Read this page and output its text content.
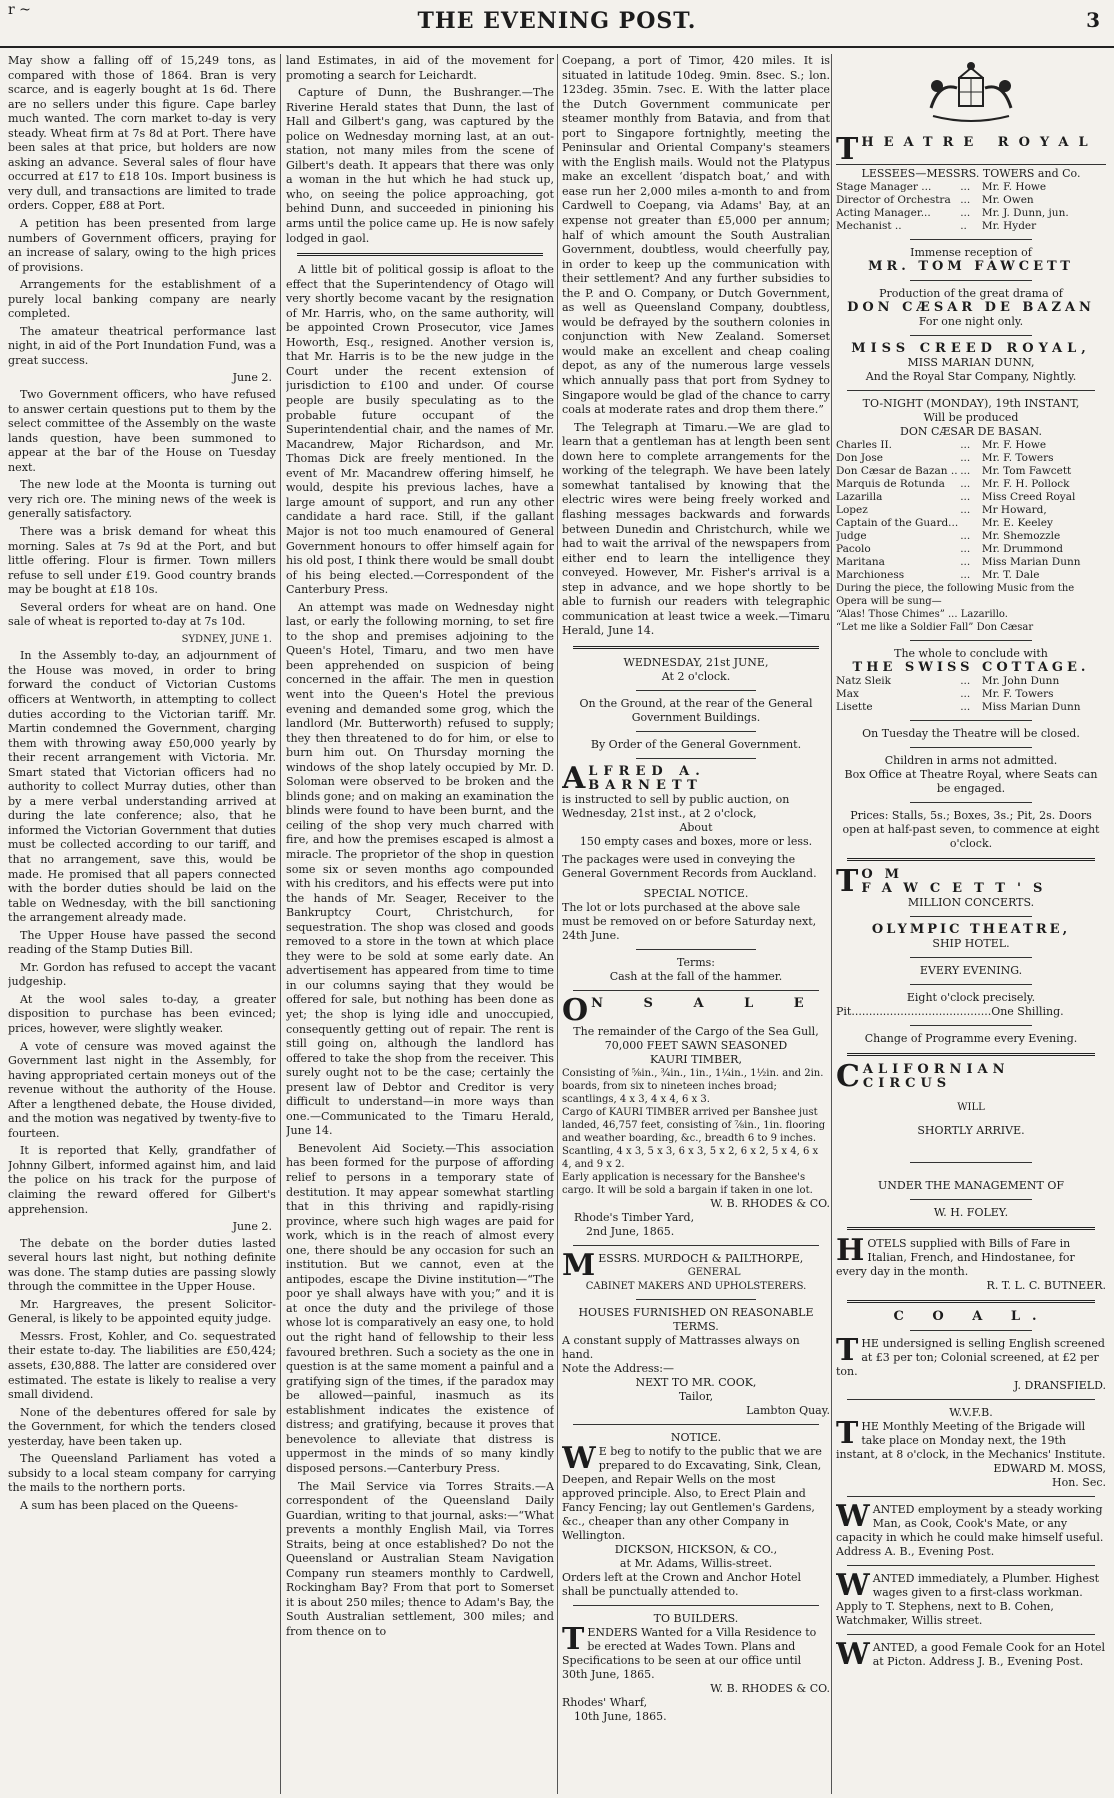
r ~	THE EVENING POST.	3

May show a falling off of 15,249 tons, as compared with those of 1864. Bran is very scarce, and is eagerly bought at 1s 6d. There are no sellers under this figure. Cape barley much wanted. The corn market to-day is very steady. Wheat firm at 7s 8d at Port. There have been sales at that price, but holders are now asking an advance. Several sales of flour have occurred at £17 to £18 10s. Import business is very dull, and transactions are limited to trade orders. Copper, £88 at Port.

A petition has been presented from large numbers of Government officers, praying for an increase of salary, owing to the high prices of provisions.

Arrangements for the establishment of a purely local banking company are nearly completed.

The amateur theatrical performance last night, in aid of the Port Inundation Fund, was a great success.

June 2.

Two Government officers, who have refused to answer certain questions put to them by the select committee of the Assembly on the waste lands question, have been summoned to appear at the bar of the House on Tuesday next.

The new lode at the Moonta is turning out very rich ore. The mining news of the week is generally satisfactory.

There was a brisk demand for wheat this morning. Sales at 7s 9d at the Port, and but little offering. Flour is firmer. Town millers refuse to sell under £19. Good country brands may be bought at £18 10s.

Several orders for wheat are on hand. One sale of wheat is reported to-day at 7s 10d.

SYDNEY, JUNE 1.

In the Assembly to-day, an adjournment of the House was moved, in order to bring forward the conduct of Victorian Customs officers at Wentworth, in attempting to collect duties according to the Victorian tariff. Mr. Martin condemned the Government, charging them with throwing away £50,000 yearly by their recent arrangement with Victoria. Mr. Smart stated that Victorian officers had no authority to collect Murray duties, other than by a mere verbal understanding arrived at during the late conference; also, that he informed the Victorian Government that duties must be collected according to our tariff, and that no arrangement, save this, would be made. He promised that all papers connected with the border duties should be laid on the table on Wednesday, with the bill sanctioning the arrangement already made.

The Upper House have passed the second reading of the Stamp Duties Bill.

Mr. Gordon has refused to accept the vacant judgeship.

At the wool sales to-day, a greater disposition to purchase has been evinced; prices, however, were slightly weaker.

A vote of censure was moved against the Government last night in the Assembly, for having appropriated certain moneys out of the revenue without the authority of the House. After a lengthened debate, the House divided, and the motion was negatived by twenty-five to fourteen.

It is reported that Kelly, grandfather of Johnny Gilbert, informed against him, and laid the police on his track for the purpose of claiming the reward offered for Gilbert's apprehension.

June 2.

The debate on the border duties lasted several hours last night, but nothing definite was done. The stamp duties are passing slowly through the committee in the Upper House.

Mr. Hargreaves, the present Solicitor-General, is likely to be appointed equity judge.

Messrs. Frost, Kohler, and Co. sequestrated their estate to-day. The liabilities are £50,424; assets, £30,888. The latter are considered over estimated. The estate is likely to realise a very small dividend.

None of the debentures offered for sale by the Government, for which the tenders closed yesterday, have been taken up.

The Queensland Parliament has voted a subsidy to a local steam company for carrying the mails to the northern ports.

A sum has been placed on the Queens-

land Estimates, in aid of the movement for promoting a search for Leichardt.

Capture of Dunn, the Bushranger.—The Riverine Herald states that Dunn, the last of Hall and Gilbert's gang, was captured by the police on Wednesday morning last, at an out-station, not many miles from the scene of Gilbert's death. It appears that there was only a woman in the hut which he had stuck up, who, on seeing the police approaching, got behind Dunn, and succeeded in pinioning his arms until the police came up. He is now safely lodged in gaol.

A little bit of political gossip is afloat to the effect that the Superintendency of Otago will very shortly become vacant by the resignation of Mr. Harris, who, on the same authority, will be appointed Crown Prosecutor, vice James Howorth, Esq., resigned. Another version is, that Mr. Harris is to be the new judge in the Court under the recent extension of jurisdiction to £100 and under. Of course people are busily speculating as to the probable future occupant of the Superintendential chair, and the names of Mr. Macandrew, Major Richardson, and Mr. Thomas Dick are freely mentioned. In the event of Mr. Macandrew offering himself, he would, despite his previous laches, have a large amount of support, and run any other candidate a hard race. Still, if the gallant Major is not too much enamoured of General Government honours to offer himself again for his old post, I think there would be small doubt of his being elected.—Correspondent of the Canterbury Press.

An attempt was made on Wednesday night last, or early the following morning, to set fire to the shop and premises adjoining to the Queen's Hotel, Timaru, and two men have been apprehended on suspicion of being concerned in the affair. The men in question went into the Queen's Hotel the previous evening and demanded some grog, which the landlord (Mr. Butterworth) refused to supply; they then threatened to do for him, or else to burn him out. On Thursday morning the windows of the shop lately occupied by Mr. D. Soloman were observed to be broken and the blinds gone; and on making an examination the blinds were found to have been burnt, and the ceiling of the shop very much charred with fire, and how the premises escaped is almost a miracle. The proprietor of the shop in question some six or seven months ago compounded with his creditors, and his effects were put into the hands of Mr. Seager, Receiver to the Bankruptcy Court, Christchurch, for sequestration. The shop was closed and goods removed to a store in the town at which place they were to be sold at some early date. An advertisement has appeared from time to time in our columns saying that they would be offered for sale, but nothing has been done as yet; the shop is lying idle and unoccupied, consequently getting out of repair. The rent is still going on, although the landlord has offered to take the shop from the receiver. This surely ought not to be the case; certainly the present law of Debtor and Creditor is very difficult to understand—in more ways than one.—Communicated to the Timaru Herald, June 14.

Benevolent Aid Society.—This association has been formed for the purpose of affording relief to persons in a temporary state of destitution. It may appear somewhat startling that in this thriving and rapidly-rising province, where such high wages are paid for work, which is in the reach of almost every one, there should be any occasion for such an institution. But we cannot, even at the antipodes, escape the Divine institution—“The poor ye shall always have with you;” and it is at once the duty and the privilege of those whose lot is comparatively an easy one, to hold out the right hand of fellowship to their less favoured brethren. Such a society as the one in question is at the same moment a painful and a gratifying sign of the times, if the paradox may be allowed—painful, inasmuch as its establishment indicates the existence of distress; and gratifying, because it proves that benevolence to alleviate that distress is uppermost in the minds of so many kindly disposed persons.—Canterbury Press.

The Mail Service via Torres Straits.—A correspondent of the Queensland Daily Guardian, writing to that journal, asks:—“What prevents a monthly English Mail, via Torres Straits, being at once established? Do not the Queensland or Australian Steam Navigation Company run steamers monthly to Cardwell, Rockingham Bay? From that port to Somerset it is about 250 miles; thence to Adam's Bay, the South Australian settlement, 300 miles; and from thence on to

Coepang, a port of Timor, 420 miles. It is situated in latitude 10deg. 9min. 8sec. S.; lon. 123deg. 35min. 7sec. E. With the latter place the Dutch Government communicate per steamer monthly from Batavia, and from that port to Singapore fortnightly, meeting the Peninsular and Oriental Company's steamers with the English mails. Would not the Platypus make an excellent ‘dispatch boat,’ and with ease run her 2,000 miles a-month to and from Cardwell to Coepang, via Adams' Bay, at an expense not greater than £5,000 per annum; half of which amount the South Australian Government, doubtless, would cheerfully pay, in order to keep up the communication with their settlement? And any further subsidies to the P. and O. Company, or Dutch Government, as well as Queensland Company, doubtless, would be defrayed by the southern colonies in conjunction with New Zealand. Somerset would make an excellent and cheap coaling depot, as any of the numerous large vessels which annually pass that port from Sydney to Singapore would be glad of the chance to carry coals at moderate rates and drop them there.”

The Telegraph at Timaru.—We are glad to learn that a gentleman has at length been sent down here to complete arrangements for the working of the telegraph. We have been lately somewhat tantalised by knowing that the electric wires were being freely worked and flashing messages backwards and forwards between Dunedin and Christchurch, while we had to wait the arrival of the newspapers from either end to learn the intelligence they conveyed. However, Mr. Fisher's arrival is a step in advance, and we hope shortly to be able to furnish our readers with telegraphic communication at least twice a week.—Timaru Herald, June 14.

WEDNESDAY, 21st JUNE,
At 2 o'clock.
On the Ground, at the rear of the General Government Buildings.
By Order of the General Government.
ALFRED A. BARNETT
is instructed to sell by public auction, on Wednesday, 21st inst., at 2 o'clock,
About
150 empty cases and boxes, more or less.
The packages were used in conveying the General Government Records from Auckland.
SPECIAL NOTICE.
The lot or lots purchased at the above sale must be removed on or before Saturday next, 24th June.
Terms:
Cash at the fall of the hammer.
O N S A L E
The remainder of the Cargo of the Sea Gull,
70,000 FEET SAWN SEASONED
KAURI TIMBER,
Consisting of ⅝in., ¾in., 1in., 1¼in., 1½in. and 2in. boards, from six to nineteen inches broad; scantlings, 4 x 3, 4 x 4, 6 x 3.
Cargo of KAURI TIMBER arrived per Banshee just landed, 46,757 feet, consisting of ⅞in., 1in. flooring and weather boarding, &c., breadth 6 to 9 inches.
Scantling, 4 x 3, 5 x 3, 6 x 3, 5 x 2, 6 x 2, 5 x 4, 6 x 4, and 9 x 2.
Early application is necessary for the Banshee's cargo. It will be sold a bargain if taken in one lot.
W. B. RHODES & CO.
Rhode's Timber Yard,
2nd June, 1865.
MESSRS. MURDOCH & PAILTHORPE,
GENERAL
CABINET MAKERS AND UPHOLSTERERS.
HOUSES FURNISHED ON REASONABLE TERMS.
A constant supply of Mattrasses always on hand.
Note the Address:—
NEXT TO MR. COOK,
Tailor,
Lambton Quay.
NOTICE.
W E beg to notify to the public that we are prepared to do Excavating, Sink, Clean, Deepen, and Repair Wells on the most approved principle. Also, to Erect Plain and Fancy Fencing; lay out Gentlemen's Gardens, &c., cheaper than any other Company in Wellington.
DICKSON, HICKSON, & CO.,
at Mr. Adams, Willis-street.
Orders left at the Crown and Anchor Hotel shall be punctually attended to.
TO BUILDERS.
TENDERS Wanted for a Villa Residence to be erected at Wades Town. Plans and Specifications to be seen at our office until 30th June, 1865.
W. B. RHODES & CO.
Rhodes' Wharf,
10th June, 1865.
THEATRE ROYAL
LESSEES—MESSRS. TOWERS and Co.
Stage Manager ...	...	Mr. F. Howe
Director of Orchestra ...	Mr. Owen
Acting Manager...	...	Mr. J. Dunn, jun.
Mechanist ..	..	Mr. Hyder
Immense reception of
MR. TOM FAWCETT
Production of the great drama of
DON CÆSAR DE BAZAN
For one night only.
MISS CREED ROYAL,
MISS MARIAN DUNN,
And the Royal Star Company, Nightly.
TO-NIGHT (MONDAY), 19th INSTANT,
Will be produced
DON CÆSAR DE BASAN.
Charles II.	...	Mr. F. Howe
Don Jose	...	Mr. F. Towers
Don Cæsar de Bazan .. ...	Mr. Tom Fawcett
Marquis de Rotunda	...	Mr. F. H. Pollock
Lazarilla	...	Miss Creed Royal
Lopez	...	Mr Howard,
Captain of the Guard... Mr. E. Keeley
Judge	...	Mr. Shemozzle
Pacolo	...	Mr. Drummond
Maritana	...	Miss Marian Dunn
Marchioness	...	Mr. T. Dale
During the piece, the following Music from the Opera will be sung—
“Alas! Those Chimes” ... Lazarillo.
“Let me like a Soldier Fall” Don Cæsar
The whole to conclude with
THE SWISS COTTAGE.
Natz Sleik	...	Mr. John Dunn
Max	...	Mr. F. Towers
Lisette	...	Miss Marian Dunn
On Tuesday the Theatre will be closed.
Children in arms not admitted.
Box Office at Theatre Royal, where Seats can be engaged.
Prices: Stalls, 5s.; Boxes, 3s.; Pit, 2s. Doors open at half-past seven, to commence at eight o'clock.
TOM FAWCETT'S
MILLION CONCERTS.
OLYMPIC THEATRE,
SHIP HOTEL.
EVERY EVENING.
Eight o'clock precisely.
Pit........................................One Shilling.
Change of Programme every Evening.
CALIFORNIAN CIRCUS
WILL
SHORTLY ARRIVE.
UNDER THE MANAGEMENT OF
W. H. FOLEY.
HOTELS supplied with Bills of Fare in Italian, French, and Hindostanee, for every day in the month.
R. T. L. C. BUTNEER.
C O A L.
THE undersigned is selling English screened at £3 per ton; Colonial screened, at £2 per ton.
J. DRANSFIELD.
W.V.F.B.
THE Monthly Meeting of the Brigade will take place on Monday next, the 19th instant, at 8 o'clock, in the Mechanics' Institute.
EDWARD M. MOSS,
Hon. Sec.
WANTED employment by a steady working Man, as Cook, Cook's Mate, or any capacity in which he could make himself useful. Address A. B., Evening Post.
WANTED immediately, a Plumber. Highest wages given to a first-class workman. Apply to T. Stephens, next to B. Cohen, Watchmaker, Willis street.
WANTED, a good Female Cook for an Hotel at Picton. Address J. B., Evening Post.
